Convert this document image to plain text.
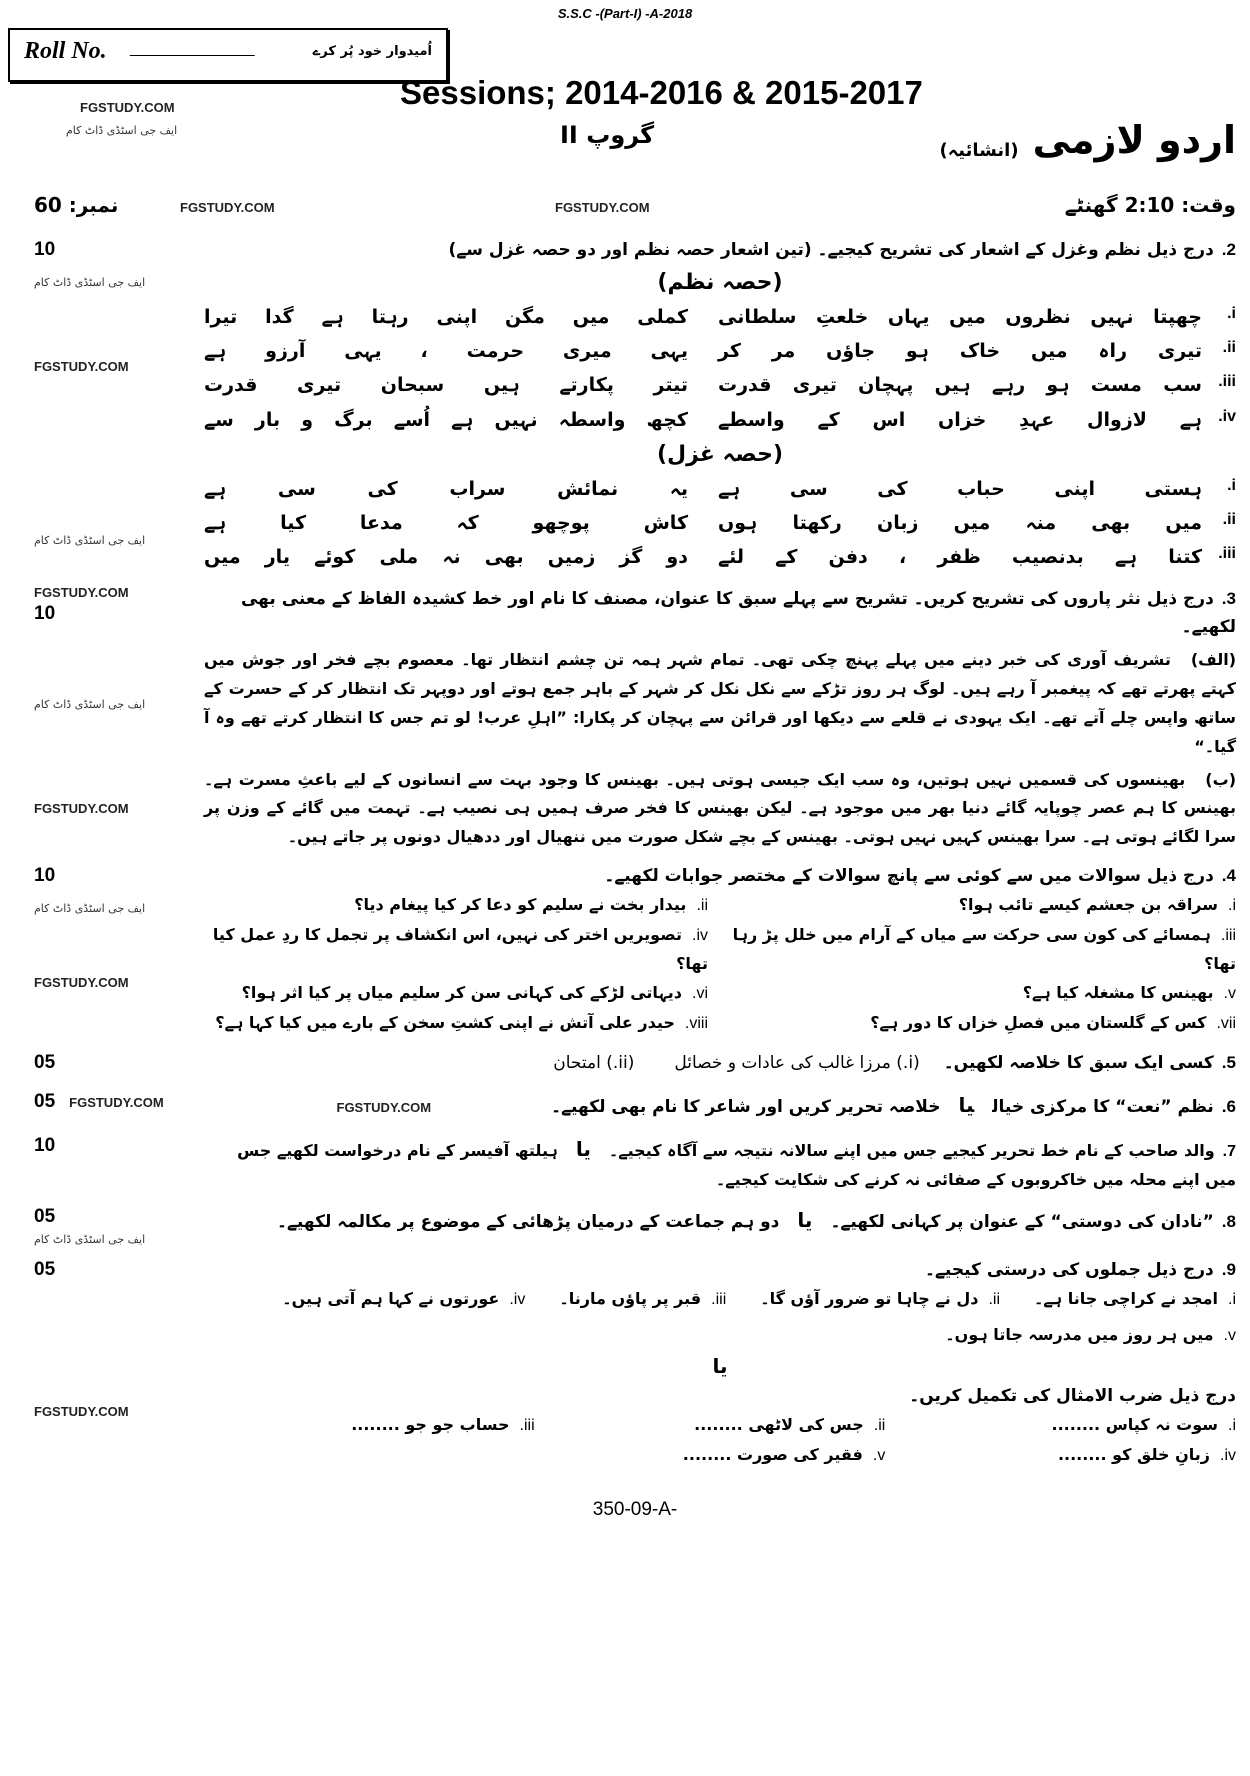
S.S.C -(Part-I) -A-2018
Roll No. ______________	اُمیدوار خود پُر کرے
Sessions; 2014-2016 & 2015-2017
FGSTUDY.COM
ایف جی اسٹڈی ڈاٹ کام	اردو لازمی
(انشائیہ)
گروپ II
نمبر: 60	FGSTUDY.COM	FGSTUDY.COM	وقت: 2:10 گھنٹے
10
ایف جی اسٹڈی ڈاٹ کام
FGSTUDY.COM
ایف جی اسٹڈی ڈاٹ کام
2.درج ذیل نظم وغزل کے اشعار کی تشریح کیجیے۔ (تین اشعار حصہ نظم اور دو حصہ غزل سے)
(حصہ نظم)
i.
چھپتا نہیں نظروں میں یہاں خلعتِ سلطانی
کملی میں مگن اپنی رہتا ہے گدا تیرا
ii.
تیری راہ میں خاک ہو جاؤں مر کر
یہی میری حرمت ، یہی آرزو ہے
iii.
سب مست ہو رہے ہیں پہچان تیری قدرت
تیتر پکارتے ہیں سبحان تیری قدرت
iv.
ہے لازوال عہدِ خزاں اس کے واسطے
کچھ واسطہ نہیں ہے اُسے برگ و بار سے
(حصہ غزل)
i.
ہستی اپنی حباب کی سی ہے
یہ نمائش سراب کی سی ہے
ii.
میں بھی منہ میں زبان رکھتا ہوں
کاش پوچھو کہ مدعا کیا ہے
iii.
کتنا ہے بدنصیب ظفر ، دفن کے لئے
دو گز زمیں بھی نہ ملی کوئے یار میں
FGSTUDY.COM
10
ایف جی اسٹڈی ڈاٹ کام
FGSTUDY.COM
3.درج ذیل نثر پاروں کی تشریح کریں۔ تشریح سے پہلے سبق کا عنوان، مصنف کا نام اور خط کشیدہ الفاظ کے معنی بھی لکھیے۔
(الف)تشریف آوری کی خبر دینے میں پہلے پہنچ چکی تھی۔ تمام شہر ہمہ تن چشم انتظار تھا۔ معصوم بچے فخر اور جوش میں کہتے پھرتے تھے کہ پیغمبر آ رہے ہیں۔ لوگ ہر روز تڑکے سے نکل نکل کر شہر کے باہر جمع ہوتے اور دوپہر تک انتظار کر کے حسرت کے ساتھ واپس چلے آتے تھے۔ ایک یہودی نے قلعے سے دیکھا اور قرائن سے پہچان کر پکارا: ”اہلِ عرب! لو تم جس کا انتظار کرتے تھے وہ آ گیا۔“
(ب)بھینسوں کی قسمیں نہیں ہوتیں، وہ سب ایک جیسی ہوتی ہیں۔ بھینس کا وجود بہت سے انسانوں کے لیے باعثِ مسرت ہے۔ بھینس کا ہم عصر چوپایہ گائے دنیا بھر میں موجود ہے۔ لیکن بھینس کا فخر صرف ہمیں ہی نصیب ہے۔ تہمت میں گائے کے وزن پر سرا لگائے ہوتی ہے۔ سرا بھینس کہیں نہیں ہوتی۔ بھینس کے بچے شکل صورت میں ننھیال اور ددھیال دونوں پر جاتے ہیں۔
10
ایف جی اسٹڈی ڈاٹ کام
FGSTUDY.COM
4.درج ذیل سوالات میں سے کوئی سے پانچ سوالات کے مختصر جوابات لکھیے۔
i.سراقہ بن جعشم کیسے تائب ہوا؟
ii.بیدار بخت نے سلیم کو دعا کر کیا پیغام دیا؟
iii.ہمسائے کی کون سی حرکت سے میاں کے آرام میں خلل پڑ رہا تھا؟
iv.تصویریں اختر کی نہیں، اس انکشاف پر تجمل کا ردِ عمل کیا تھا؟
v.بھینس کا مشغلہ کیا ہے؟
vi.دیہاتی لڑکے کی کہانی سن کر سلیم میاں پر کیا اثر ہوا؟
vii.کس کے گلستان میں فصلِ خزاں کا دور ہے؟
viii.حیدر علی آتش نے اپنی کشتِ سخن کے بارے میں کیا کہا ہے؟
05	5.کسی ایک سبق کا خلاصہ لکھیں۔(i.) مرزا غالب کی عادات و خصائل(ii.) امتحان
05 FGSTUDY.COM	6.نظم ”نعت“ کا مرکزی خیالیاخلاصہ تحریر کریں اور شاعر کا نام بھی لکھیے۔FGSTUDY.COM
10	7.والد صاحب کے نام خط تحریر کیجیے جس میں اپنے سالانہ نتیجہ سے آگاہ کیجیے۔یاہیلتھ آفیسر کے نام درخواست لکھیے جس میں اپنے محلہ میں خاکروبوں کے صفائی نہ کرنے کی شکایت کیجیے۔
05
ایف جی اسٹڈی ڈاٹ کام
8.”نادان کی دوستی“ کے عنوان پر کہانی لکھیے۔یادو ہم جماعت کے درمیان پڑھائی کے موضوع پر مکالمہ لکھیے۔
05
FGSTUDY.COM
9.درج ذیل جملوں کی درستی کیجیے۔
i.امجد نے کراچی جانا ہے۔
ii.دل نے چاہا تو ضرور آؤں گا۔
iii.قبر پر پاؤں مارنا۔
iv.عورتوں نے کہا ہم آتی ہیں۔
v.میں ہر روز میں مدرسہ جاتا ہوں۔
یا
درج ذیل ضرب الامثال کی تکمیل کریں۔
i.سوت نہ کپاس ........
ii.جس کی لاٹھی ........
iii.حساب جو جو ........
iv.زبانِ خلق کو ........
v.فقیر کی صورت ........
350-09-A-
